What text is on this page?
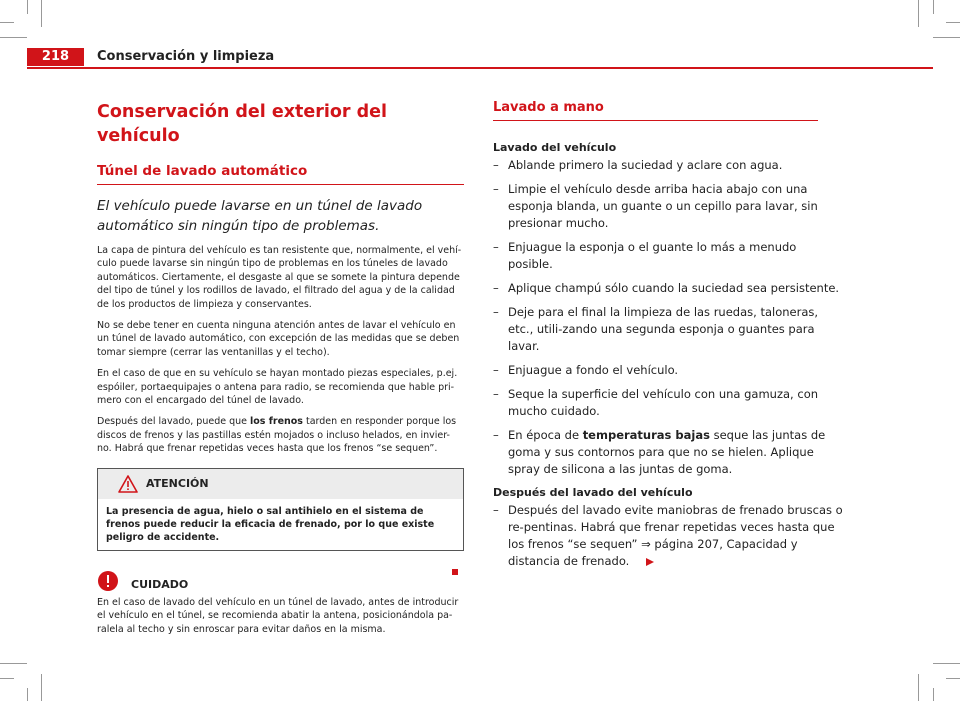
218	Conservación y limpieza
Conservación del exterior del vehículo
Túnel de lavado automático
El vehículo puede lavarse en un túnel de lavado automático sin ningún tipo de problemas.
La capa de pintura del vehículo es tan resistente que, normalmente, el vehí-culo puede lavarse sin ningún tipo de problemas en los túneles de lavado automáticos. Ciertamente, el desgaste al que se somete la pintura depende del tipo de túnel y los rodillos de lavado, el filtrado del agua y de la calidad de los productos de limpieza y conservantes.
No se debe tener en cuenta ninguna atención antes de lavar el vehículo en un túnel de lavado automático, con excepción de las medidas que se deben tomar siempre (cerrar las ventanillas y el techo).
En el caso de que en su vehículo se hayan montado piezas especiales, p.ej. espóiler, portaequipajes o antena para radio, se recomienda que hable pri-mero con el encargado del túnel de lavado.
Después del lavado, puede que los frenos tarden en responder porque los discos de frenos y las pastillas estén mojados o incluso helados, en invier-no. Habrá que frenar repetidas veces hasta que los frenos “se sequen”.
ATENCIÓN
La presencia de agua, hielo o sal antihielo en el sistema de frenos puede reducir la eficacia de frenado, por lo que existe peligro de accidente.
CUIDADO
En el caso de lavado del vehículo en un túnel de lavado, antes de introducir el vehículo en el túnel, se recomienda abatir la antena, posicionándola pa-ralela al techo y sin enroscar para evitar daños en la misma.
Lavado a mano
Lavado del vehículo
– Ablande primero la suciedad y aclare con agua.
– Limpie el vehículo desde arriba hacia abajo con una esponja blanda, un guante o un cepillo para lavar, sin presionar mucho.
– Enjuague la esponja o el guante lo más a menudo posible.
– Aplique champú sólo cuando la suciedad sea persistente.
– Deje para el final la limpieza de las ruedas, taloneras, etc., utili-zando una segunda esponja o guantes para lavar.
– Enjuague a fondo el vehículo.
– Seque la superficie del vehículo con una gamuza, con mucho cuidado.
– En época de temperaturas bajas seque las juntas de goma y sus contornos para que no se hielen. Aplique spray de silicona a las juntas de goma.
Después del lavado del vehículo
– Después del lavado evite maniobras de frenado bruscas o re-pentinas. Habrá que frenar repetidas veces hasta que los frenos “se sequen” ⇒ página 207, Capacidad y distancia de frenado.
